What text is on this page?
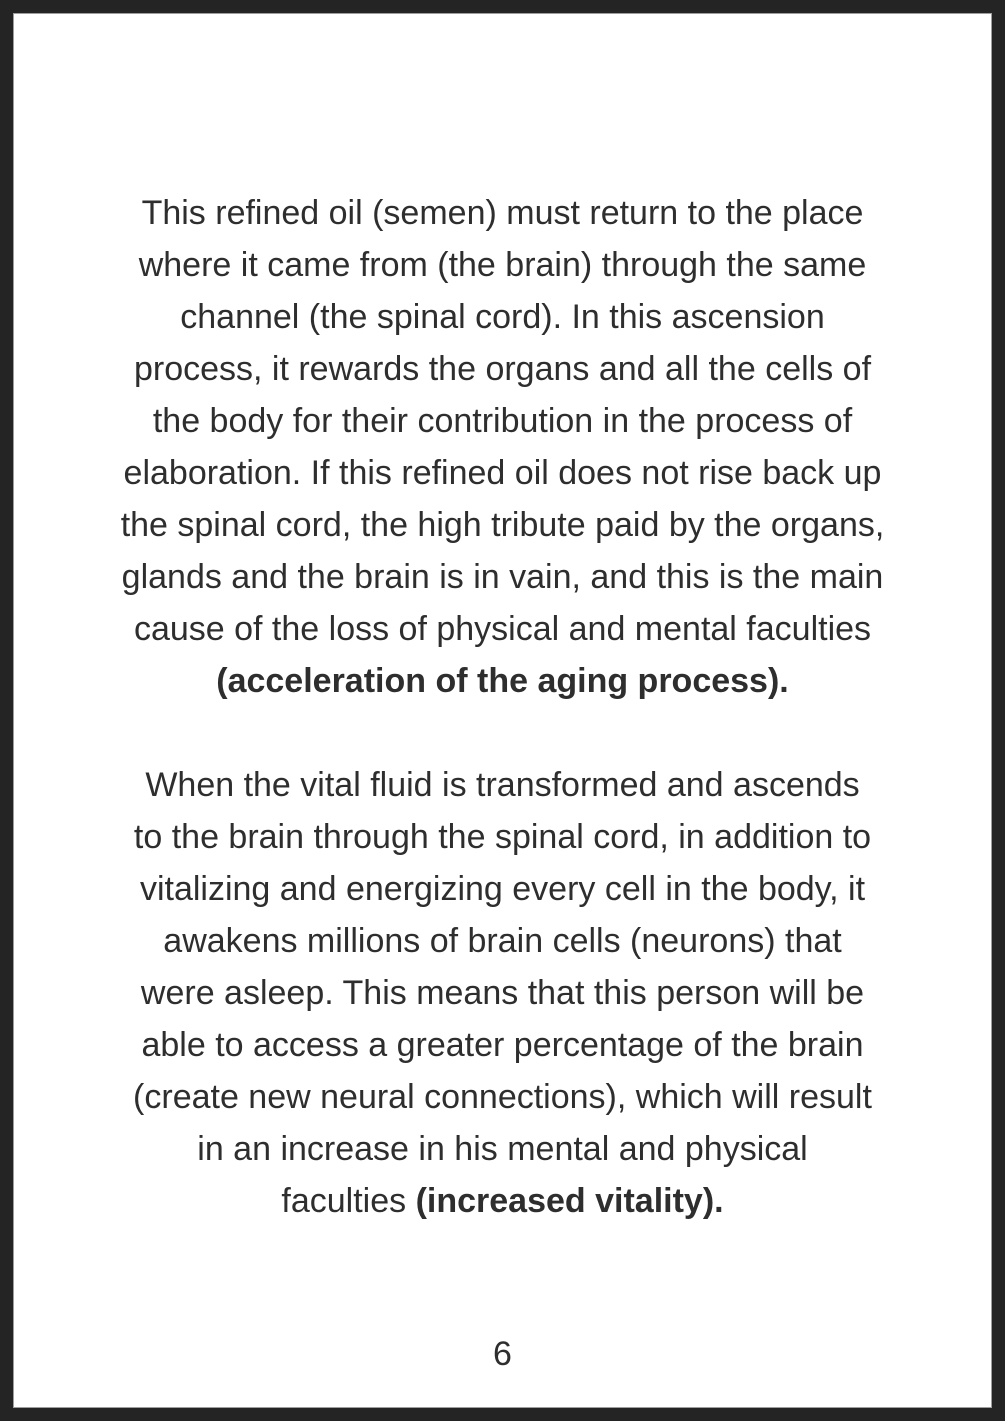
This refined oil (semen) must return to the place
where it came from (the brain) through the same
channel (the spinal cord). In this ascension
process, it rewards the organs and all the cells of
the body for their contribution in the process of
elaboration. If this refined oil does not rise back up
the spinal cord, the high tribute paid by the organs,
glands and the brain is in vain, and this is the main
cause of the loss of physical and mental faculties
(acceleration of the aging process).
When the vital fluid is transformed and ascends
to the brain through the spinal cord, in addition to
vitalizing and energizing every cell in the body, it
awakens millions of brain cells (neurons) that
were asleep. This means that this person will be
able to access a greater percentage of the brain
(create new neural connections), which will result
in an increase in his mental and physical
faculties (increased vitality).
6
